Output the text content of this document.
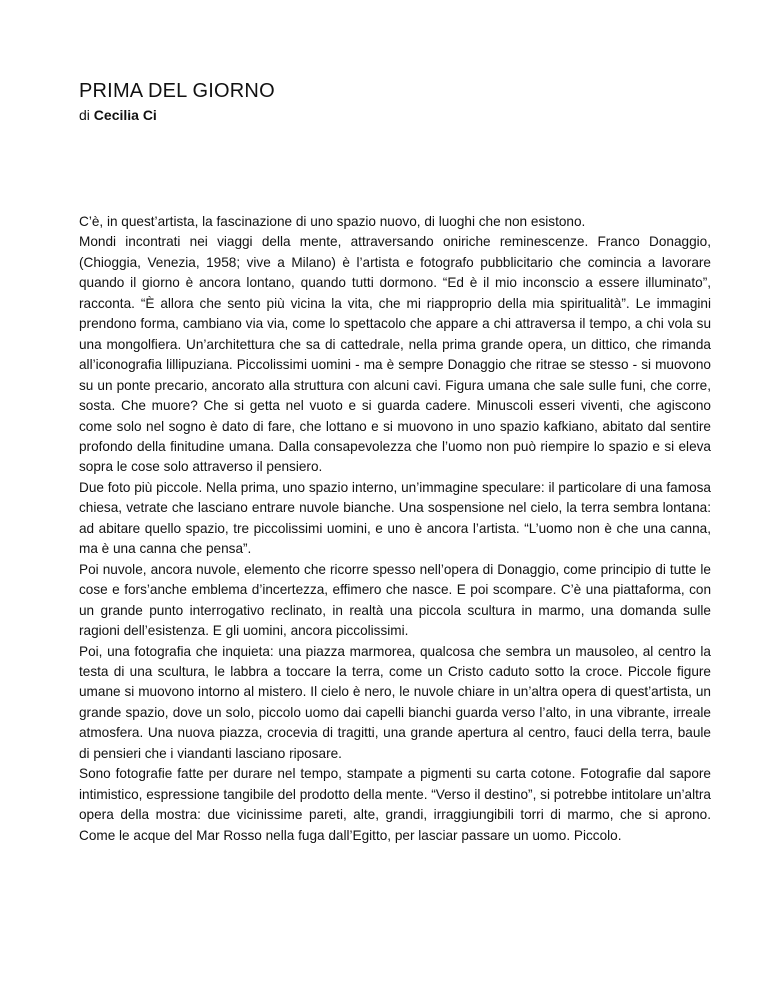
PRIMA DEL GIORNO

di Cecilia Ci

C’è, in quest’artista, la fascinazione di uno spazio nuovo, di luoghi che non esistono.

Mondi incontrati nei viaggi della mente, attraversando oniriche reminescenze. Franco Donaggio, (Chioggia, Venezia, 1958; vive a Milano) è l’artista e fotografo pubblicitario che comincia a lavorare quando il giorno è ancora lontano, quando tutti dormono. “Ed è il mio inconscio a essere illuminato”, racconta. “È allora che sento più vicina la vita, che mi riapproprio della mia spiritualità”. Le immagini prendono forma, cambiano via via, come lo spettacolo che appare a chi attraversa il tempo, a chi vola su una mongolfiera. Un’architettura che sa di cattedrale, nella prima grande opera, un dittico, che rimanda all’iconografia lillipuziana. Piccolissimi uomini - ma è sempre Donaggio che ritrae se stesso - si muovono su un ponte precario, ancorato alla struttura con alcuni cavi. Figura umana che sale sulle funi, che corre, sosta. Che muore? Che si getta nel vuoto e si guarda cadere. Minuscoli esseri viventi, che agiscono come solo nel sogno è dato di fare, che lottano e si muovono in uno spazio kafkiano, abitato dal sentire profondo della finitudine umana. Dalla consapevolezza che l’uomo non può riempire lo spazio e si eleva sopra le cose solo attraverso il pensiero.

Due foto più piccole. Nella prima, uno spazio interno, un’immagine speculare: il particolare di una famosa chiesa, vetrate che lasciano entrare nuvole bianche. Una sospensione nel cielo, la terra sembra lontana: ad abitare quello spazio, tre piccolissimi uomini, e uno è ancora l’artista. “L’uomo non è che una canna, ma è una canna che pensa”.

Poi nuvole, ancora nuvole, elemento che ricorre spesso nell’opera di Donaggio, come principio di tutte le cose e fors’anche emblema d’incertezza, effimero che nasce. E poi scompare. C’è una piattaforma, con un grande punto interrogativo reclinato, in realtà una piccola scultura in marmo, una domanda sulle ragioni dell’esistenza. E gli uomini, ancora piccolissimi.

Poi, una fotografia che inquieta: una piazza marmorea, qualcosa che sembra un mausoleo, al centro la testa di una scultura, le labbra a toccare la terra, come un Cristo caduto sotto la croce. Piccole figure umane si muovono intorno al mistero. Il cielo è nero, le nuvole chiare in un’altra opera di quest’artista, un grande spazio, dove un solo, piccolo uomo dai capelli bianchi guarda verso l’alto, in una vibrante, irreale atmosfera. Una nuova piazza, crocevia di tragitti, una grande apertura al centro, fauci della terra, baule di pensieri che i viandanti lasciano riposare.

Sono fotografie fatte per durare nel tempo, stampate a pigmenti su carta cotone. Fotografie dal sapore intimistico, espressione tangibile del prodotto della mente. “Verso il destino”, si potrebbe intitolare un’altra opera della mostra: due vicinissime pareti, alte, grandi, irraggiungibili torri di marmo, che si aprono. Come le acque del Mar Rosso nella fuga dall’Egitto, per lasciar passare un uomo. Piccolo.
